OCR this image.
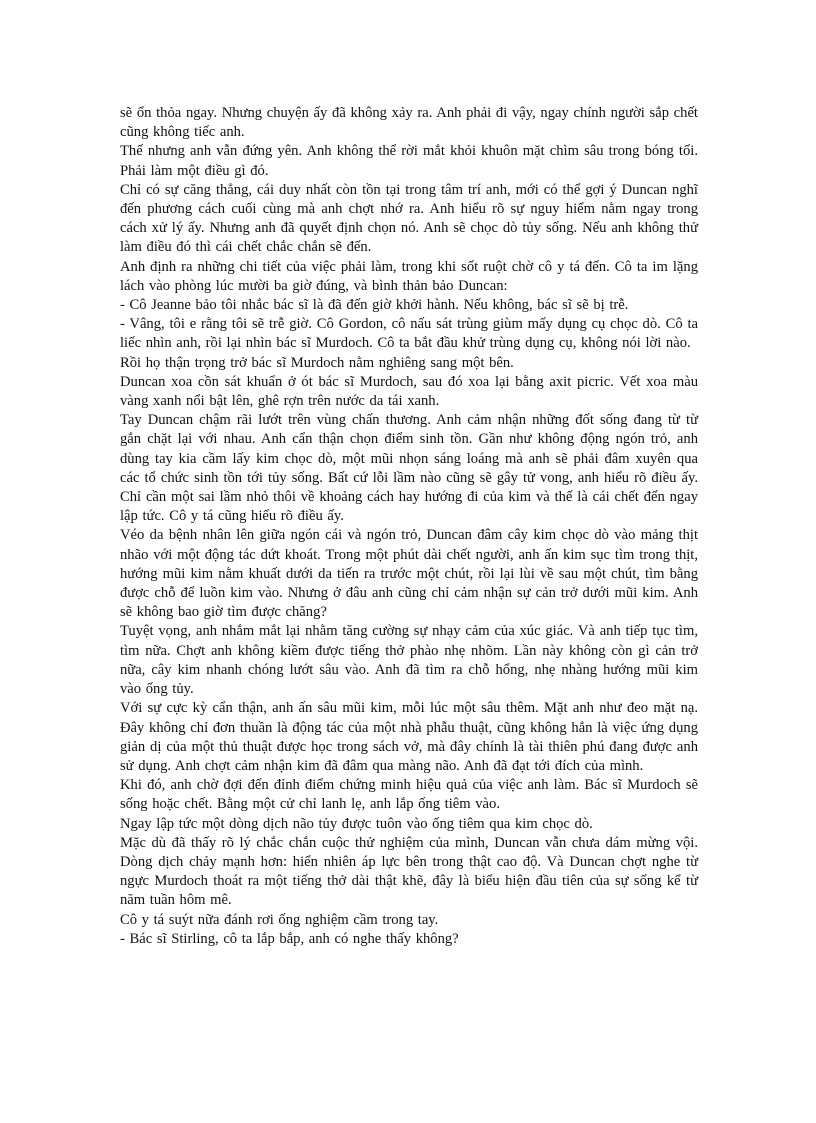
sẽ ổn thỏa ngay. Nhưng chuyện ấy đã không xảy ra. Anh phải đi vậy, ngay chính người sắp chết cũng không tiếc anh.

Thế nhưng anh vẫn đứng yên. Anh không thể rời mắt khỏi khuôn mặt chìm sâu trong bóng tối. Phải làm một điều gì đó.

Chỉ có sự căng thẳng, cái duy nhất còn tồn tại trong tâm trí anh, mới có thể gợi ý Duncan nghĩ đến phương cách cuối cùng mà anh chợt nhớ ra. Anh hiểu rõ sự nguy hiểm nằm ngay trong cách xử lý ấy. Nhưng anh đã quyết định chọn nó. Anh sẽ chọc dò tủy sống. Nếu anh không thử làm điều đó thì cái chết chắc chắn sẽ đến.

Anh định ra những chi tiết của việc phải làm, trong khi sốt ruột chờ cô y tá đến. Cô ta im lặng lách vào phòng lúc mười ba giờ đúng, và bình thản bảo Duncan:

- Cô Jeanne bảo tôi nhắc bác sĩ là đã đến giờ khởi hành. Nếu không, bác sĩ sẽ bị trễ.

- Vâng, tôi e rằng tôi sẽ trễ giờ. Cô Gordon, cô nấu sát trùng giùm mấy dụng cụ chọc dò. Cô ta liếc nhìn anh, rồi lại nhìn bác sĩ Murdoch. Cô ta bắt đầu khử trùng dụng cụ, không nói lời nào.

Rồi họ thận trọng trở bác sĩ Murdoch nằm nghiêng sang một bên.

Duncan xoa cồn sát khuẩn ở ót bác sĩ Murdoch, sau đó xoa lại bằng axit picric. Vết xoa màu vàng xanh nổi bật lên, ghê rợn trên nước da tái xanh.

Tay Duncan chậm rãi lướt trên vùng chấn thương. Anh cảm nhận những đốt sống đang từ từ gắn chặt lại với nhau. Anh cẩn thận chọn điểm sinh tồn. Gần như không động ngón trỏ, anh dùng tay kia cầm lấy kim chọc dò, một mũi nhọn sáng loáng mà anh sẽ phải đâm xuyên qua các tổ chức sinh tồn tới tủy sống. Bất cứ lỗi lầm nào cũng sẽ gây tử vong, anh hiểu rõ điều ấy. Chỉ cần một sai lầm nhỏ thôi về khoảng cách hay hướng đi của kim và thế là cái chết đến ngay lập tức. Cô y tá cũng hiểu rõ điều ấy.

Véo da bệnh nhân lên giữa ngón cái và ngón trỏ, Duncan đâm cây kim chọc dò vào mảng thịt nhão với một động tác dứt khoát. Trong một phút dài chết người, anh ấn kim sục tìm trong thịt, hướng mũi kim nằm khuất dưới da tiến ra trước một chút, rồi lại lùi về sau một chút, tìm bằng được chỗ để luồn kim vào. Nhưng ở đâu anh cũng chỉ cảm nhận sự cản trở dưới mũi kim. Anh sẽ không bao giờ tìm được chăng?

Tuyệt vọng, anh nhắm mắt lại nhằm tăng cường sự nhạy cảm của xúc giác. Và anh tiếp tục tìm, tìm nữa. Chợt anh không kiềm được tiếng thở phào nhẹ nhõm. Lần này không còn gì cản trở nữa, cây kim nhanh chóng lướt sâu vào. Anh đã tìm ra chỗ hổng, nhẹ nhàng hướng mũi kim vào ống tủy.

Với sự cực kỳ cẩn thận, anh ấn sâu mũi kim, mỗi lúc một sâu thêm. Mặt anh như đeo mặt nạ. Đây không chỉ đơn thuần là động tác của một nhà phẫu thuật, cũng không hẳn là việc ứng dụng giản dị của một thủ thuật được học trong sách vở, mà đây chính là tài thiên phú đang được anh sử dụng. Anh chợt cảm nhận kim đã đâm qua màng não. Anh đã đạt tới đích của mình.

Khi đó, anh chờ đợi đến đỉnh điểm chứng minh hiệu quả của việc anh làm. Bác sĩ Murdoch sẽ sống hoặc chết. Bằng một cử chỉ lanh lẹ, anh lắp ống tiêm vào.

Ngay lập tức một dòng dịch não tủy được tuôn vào ống tiêm qua kim chọc dò.

Mặc dù đã thấy rõ lý chắc chắn cuộc thử nghiệm của mình, Duncan vẫn chưa dám mừng vội. Dòng dịch chảy mạnh hơn: hiển nhiên áp lực bên trong thật cao độ. Và Duncan chợt nghe từ ngực Murdoch thoát ra một tiếng thở dài thật khẽ, đây là biểu hiện đầu tiên của sự sống kể từ năm tuần hôm mê.

Cô y tá suýt nữa đánh rơi ống nghiệm cầm trong tay.

- Bác sĩ Stirling, cô ta lắp bắp, anh có nghe thấy không?
